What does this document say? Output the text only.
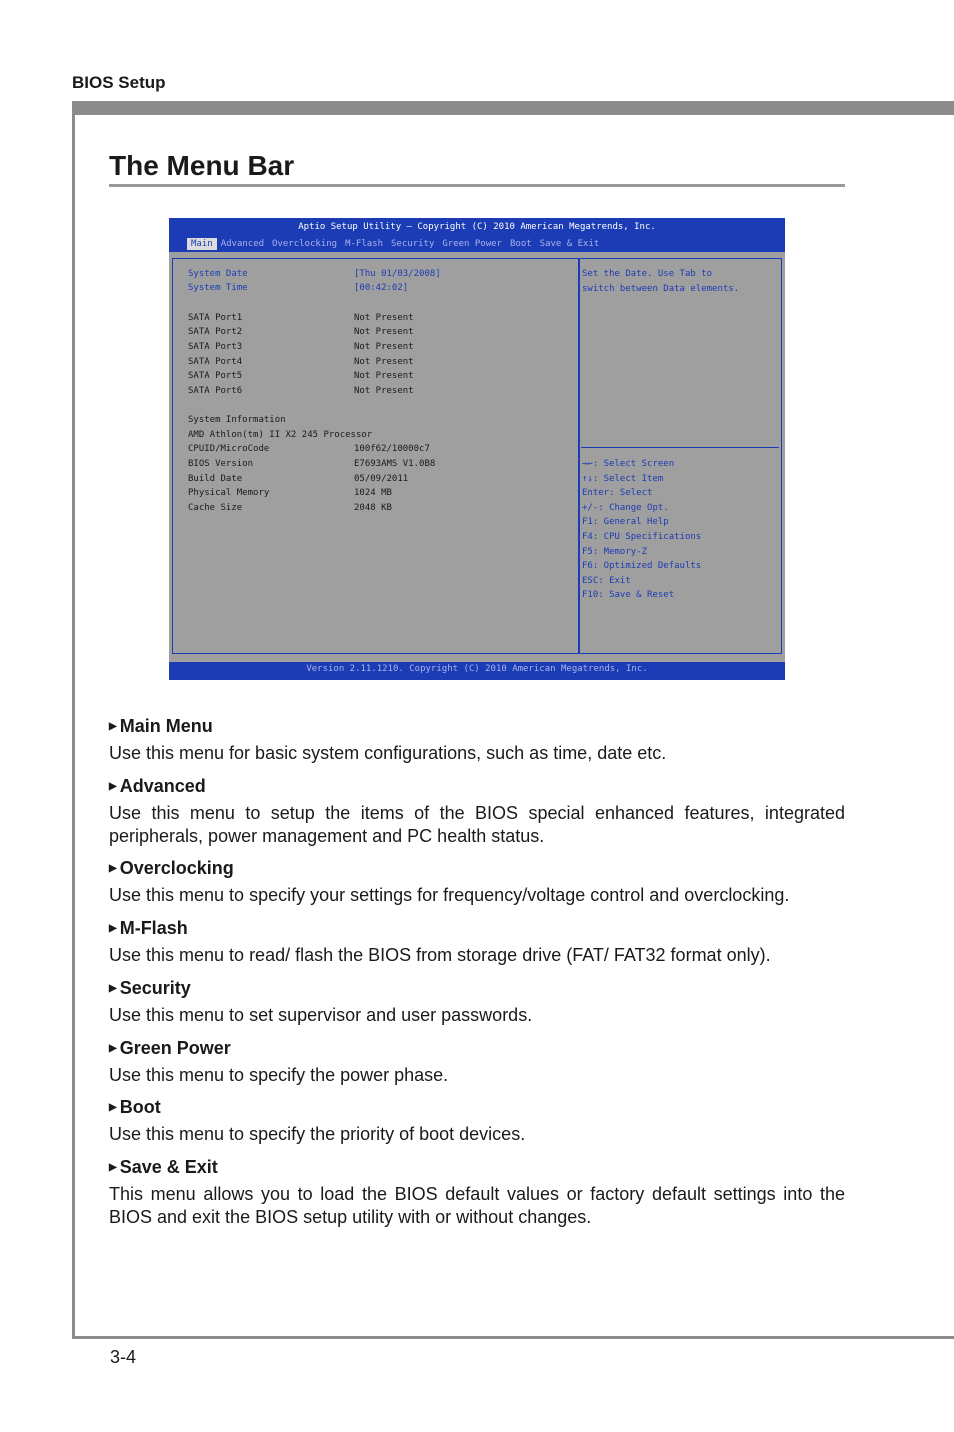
BIOS Setup
The Menu Bar
Aptio Setup Utility – Copyright (C) 2010 American Megatrends, Inc.
Main Advanced Overclocking M-Flash Security Green Power Boot Save & Exit
System Date	[Thu 01/03/2008]
System Time	[00:42:02]
SATA Port1	Not Present
SATA Port2	Not Present
SATA Port3	Not Present
SATA Port4	Not Present
SATA Port5	Not Present
SATA Port6	Not Present
System Information
AMD Athlon(tm) II X2 245 Processor
CPUID/MicroCode	100f62/10000c7
BIOS Version	E7693AMS V1.0B8
Build Date	05/09/2011
Physical Memory	1024 MB
Cache Size	2048 KB
Set the Date. Use Tab to
switch between Data elements.
→←: Select Screen
↑↓: Select Item
Enter: Select
+/-: Change Opt.
F1: General Help
F4: CPU Specifications
F5: Memory-Z
F6: Optimized Defaults
ESC: Exit
F10: Save & Reset
Version 2.11.1210. Copyright (C) 2010 American Megatrends, Inc.
▶ Main Menu
Use this menu for basic system configurations, such as time, date etc.
▶ Advanced
Use this menu to setup the items of the BIOS special enhanced features, integrated peripherals, power management and PC health status.
▶ Overclocking
Use this menu to specify your settings for frequency/voltage control and overclocking.
▶ M-Flash
Use this menu to read/ flash the BIOS from storage drive (FAT/ FAT32 format only).
▶ Security
Use this menu to set supervisor and user passwords.
▶ Green Power
Use this menu to specify the power phase.
▶ Boot
Use this menu to specify the priority of boot devices.
▶ Save & Exit
This menu allows you to load the BIOS default values or factory default settings into the BIOS and exit the BIOS setup utility with or without changes.
3-4
